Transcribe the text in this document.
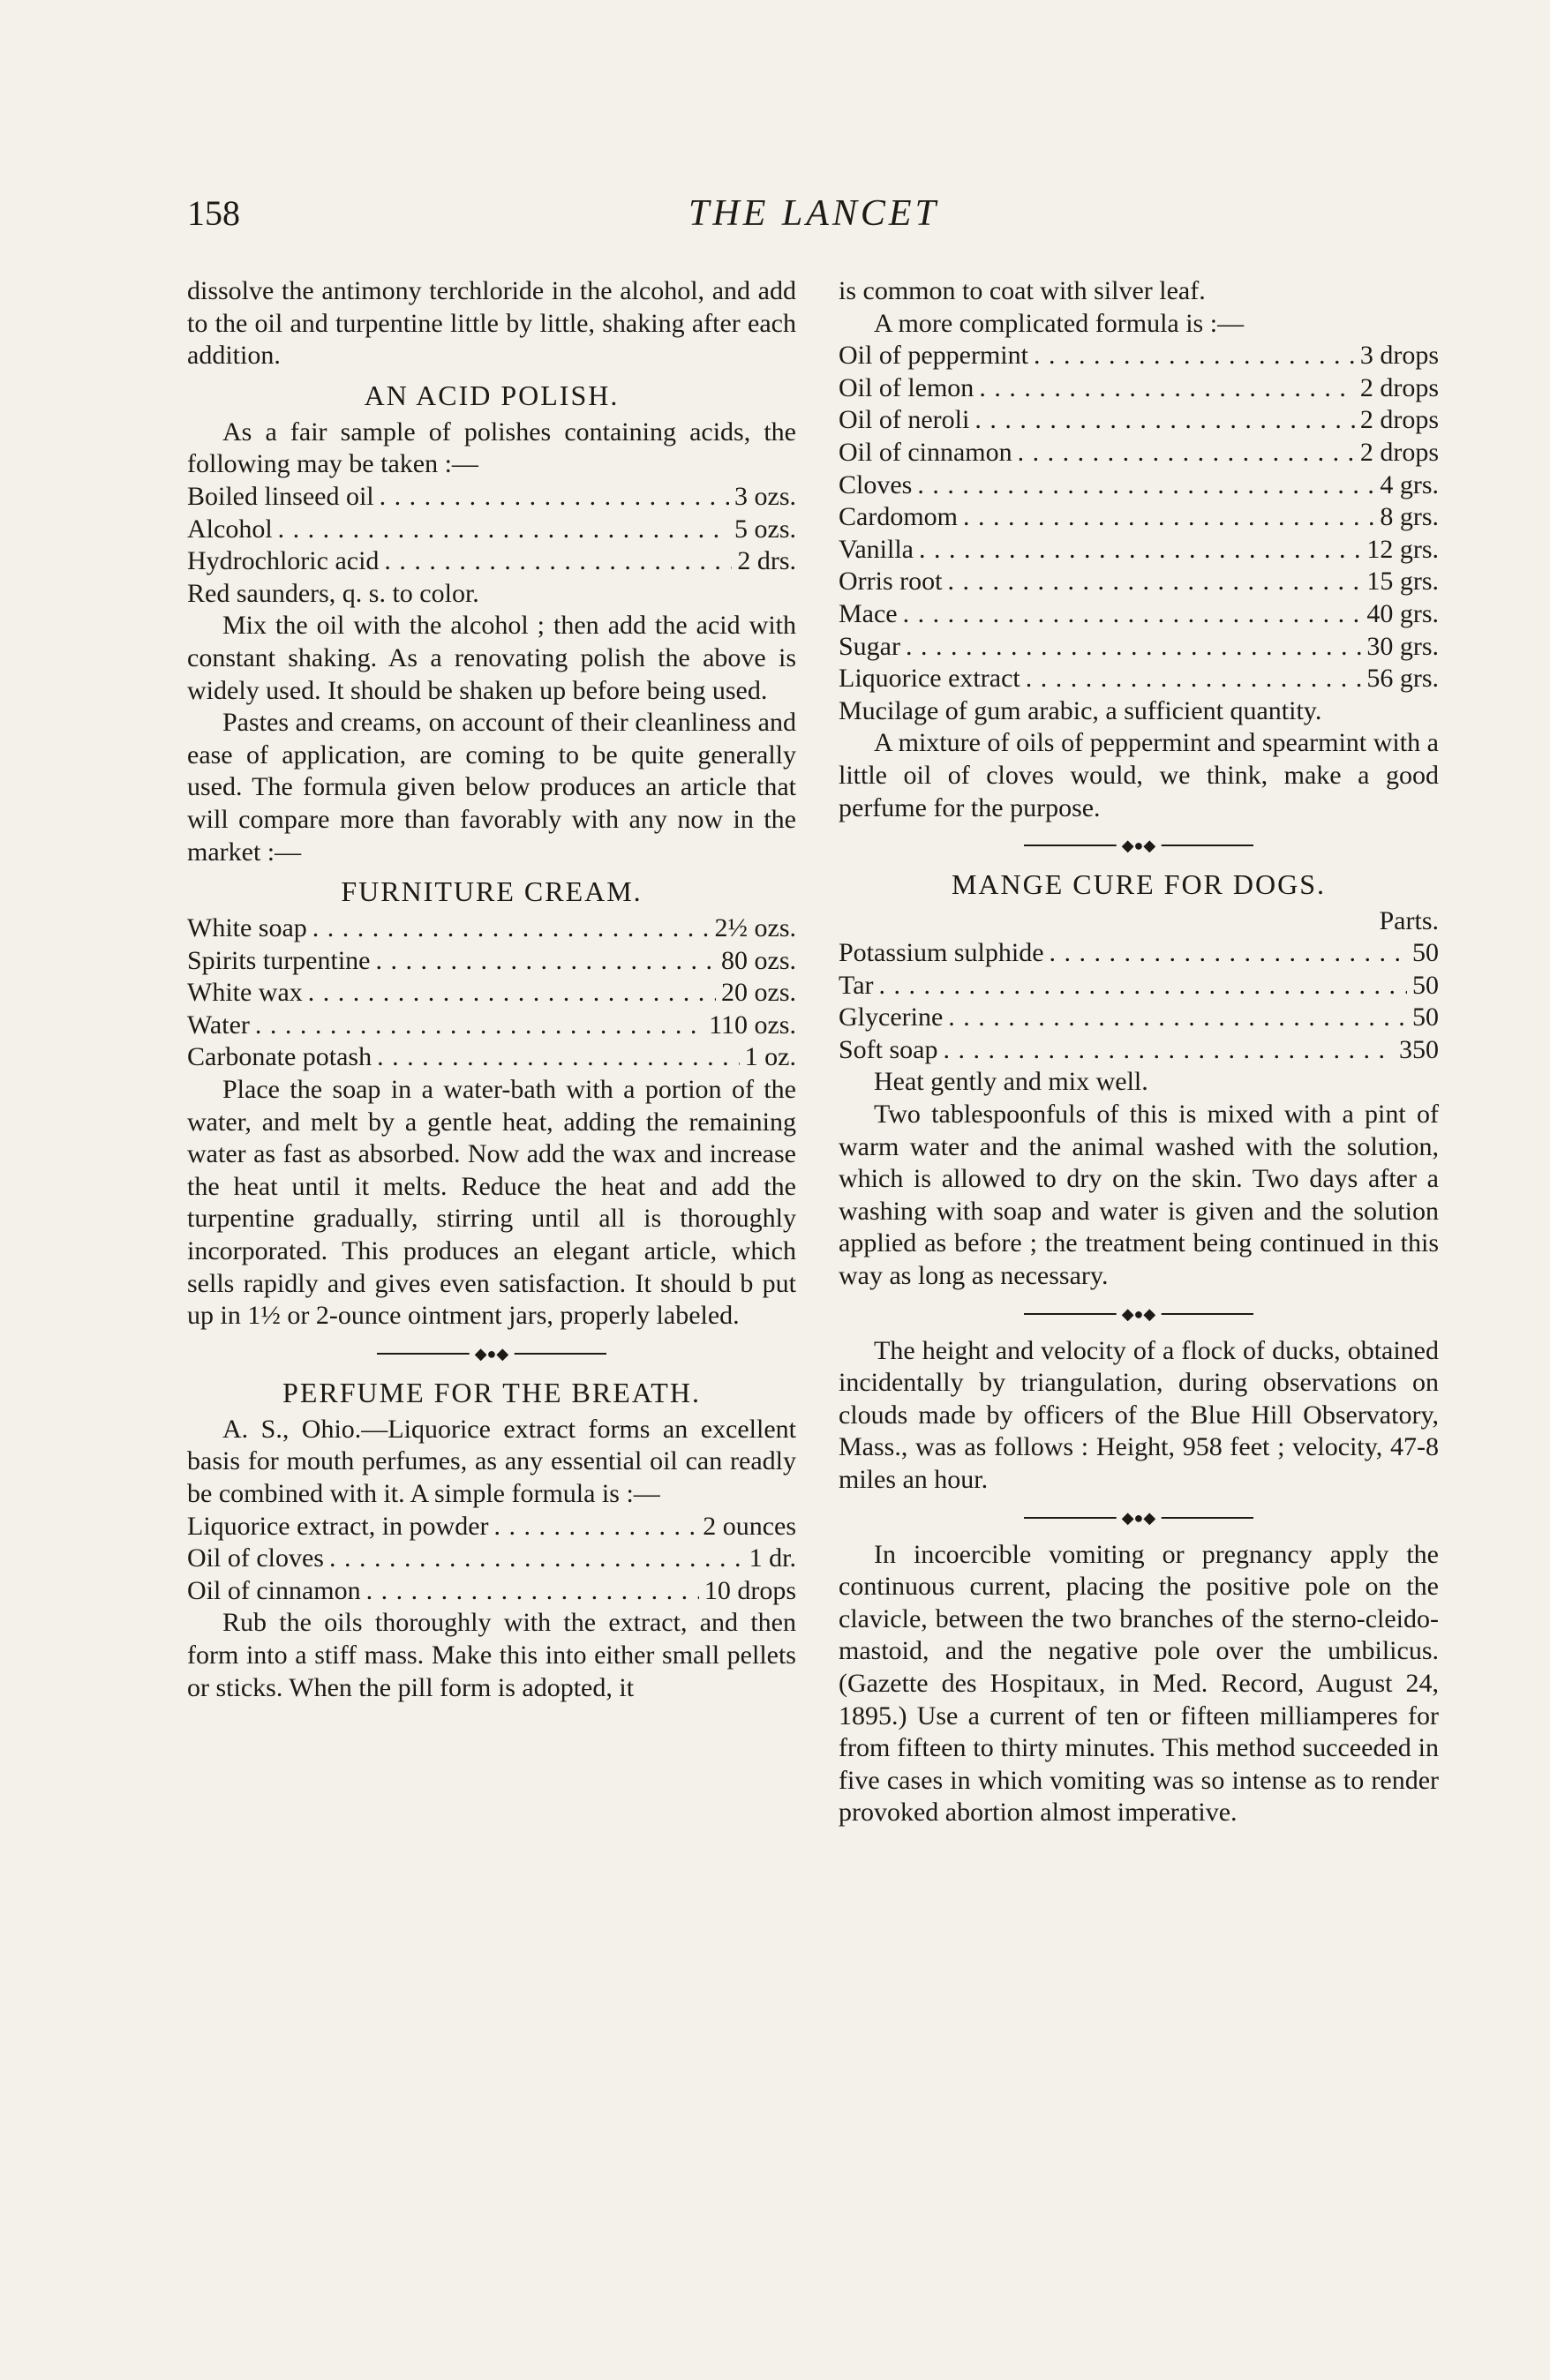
158	THE LANCET

dissolve the antimony terchloride in the alcohol, and add to the oil and turpentine little by little, shaking after each addition.

AN ACID POLISH.

As a fair sample of polishes containing acids, the following may be taken :—

Boiled linseed oil . . .	3 ozs.
Alcohol . . .	5 ozs.
Hydrochloric acid . . .	2 drs.
Red saunders, q. s. to color.

Mix the oil with the alcohol ; then add the acid with constant shaking. As a renovating polish the above is widely used. It should be shaken up before being used.

Pastes and creams, on account of their cleanliness and ease of application, are coming to be quite generally used. The formula given below produces an article that will compare more than favorably with any now in the market :—

FURNITURE CREAM.
White soap . . .	2½ ozs.
Spirits turpentine . . .	80 ozs.
White wax . . .	20 ozs.
Water . . .	110 ozs.
Carbonate potash . . .	1 oz.

Place the soap in a water-bath with a portion of the water, and melt by a gentle heat, adding the remaining water as fast as absorbed. Now add the wax and increase the heat until it melts. Reduce the heat and add the turpentine gradually, stirring until all is thoroughly incorporated. This produces an elegant article, which sells rapidly and gives even satisfaction. It should b put up in 1½ or 2-ounce ointment jars, properly labeled.

◆●◆
PERFUME FOR THE BREATH.

A. S., Ohio.—Liquorice extract forms an excellent basis for mouth perfumes, as any essential oil can readly be combined with it. A simple formula is :—

Liquorice extract, in powder . . .	2 ounces
Oil of cloves . . .	1 dr.
Oil of cinnamon . . .	10 drops

Rub the oils thoroughly with the extract, and then form into a stiff mass. Make this into either small pellets or sticks. When the pill form is adopted, it

is common to coat with silver leaf.

A more complicated formula is :—

Oil of peppermint . . .	3 drops
Oil of lemon . . .	2 drops
Oil of neroli . . .	2 drops
Oil of cinnamon . . .	2 drops
Cloves . . .	4 grs.
Cardomom . . .	8 grs.
Vanilla . . .	12 grs.
Orris root . . .	15 grs.
Mace . . .	40 grs.
Sugar . . .	30 grs.
Liquorice extract . . .	56 grs.

Mucilage of gum arabic, a sufficient quantity.

A mixture of oils of peppermint and spearmint with a little oil of cloves would, we think, make a good perfume for the purpose.

◆●◆
MANGE CURE FOR DOGS.
Parts.
Potassium sulphide . . .	50
Tar . . .	50
Glycerine . . .	50
Soft soap . . .	350

Heat gently and mix well.

Two tablespoonfuls of this is mixed with a pint of warm water and the animal washed with the solution, which is allowed to dry on the skin. Two days after a washing with soap and water is given and the solution applied as before ; the treatment being continued in this way as long as necessary.

◆●◆

The height and velocity of a flock of ducks, obtained incidentally by triangulation, during observations on clouds made by officers of the Blue Hill Observatory, Mass., was as follows : Height, 958 feet ; velocity, 47-8 miles an hour.

◆●◆

In incoercible vomiting or pregnancy apply the continuous current, placing the positive pole on the clavicle, between the two branches of the sterno-cleido-mastoid, and the negative pole over the umbilicus. (Gazette des Hospitaux, in Med. Record, August 24, 1895.) Use a current of ten or fifteen milliamperes for from fifteen to thirty minutes. This method succeeded in five cases in which vomiting was so intense as to render provoked abortion almost imperative.
